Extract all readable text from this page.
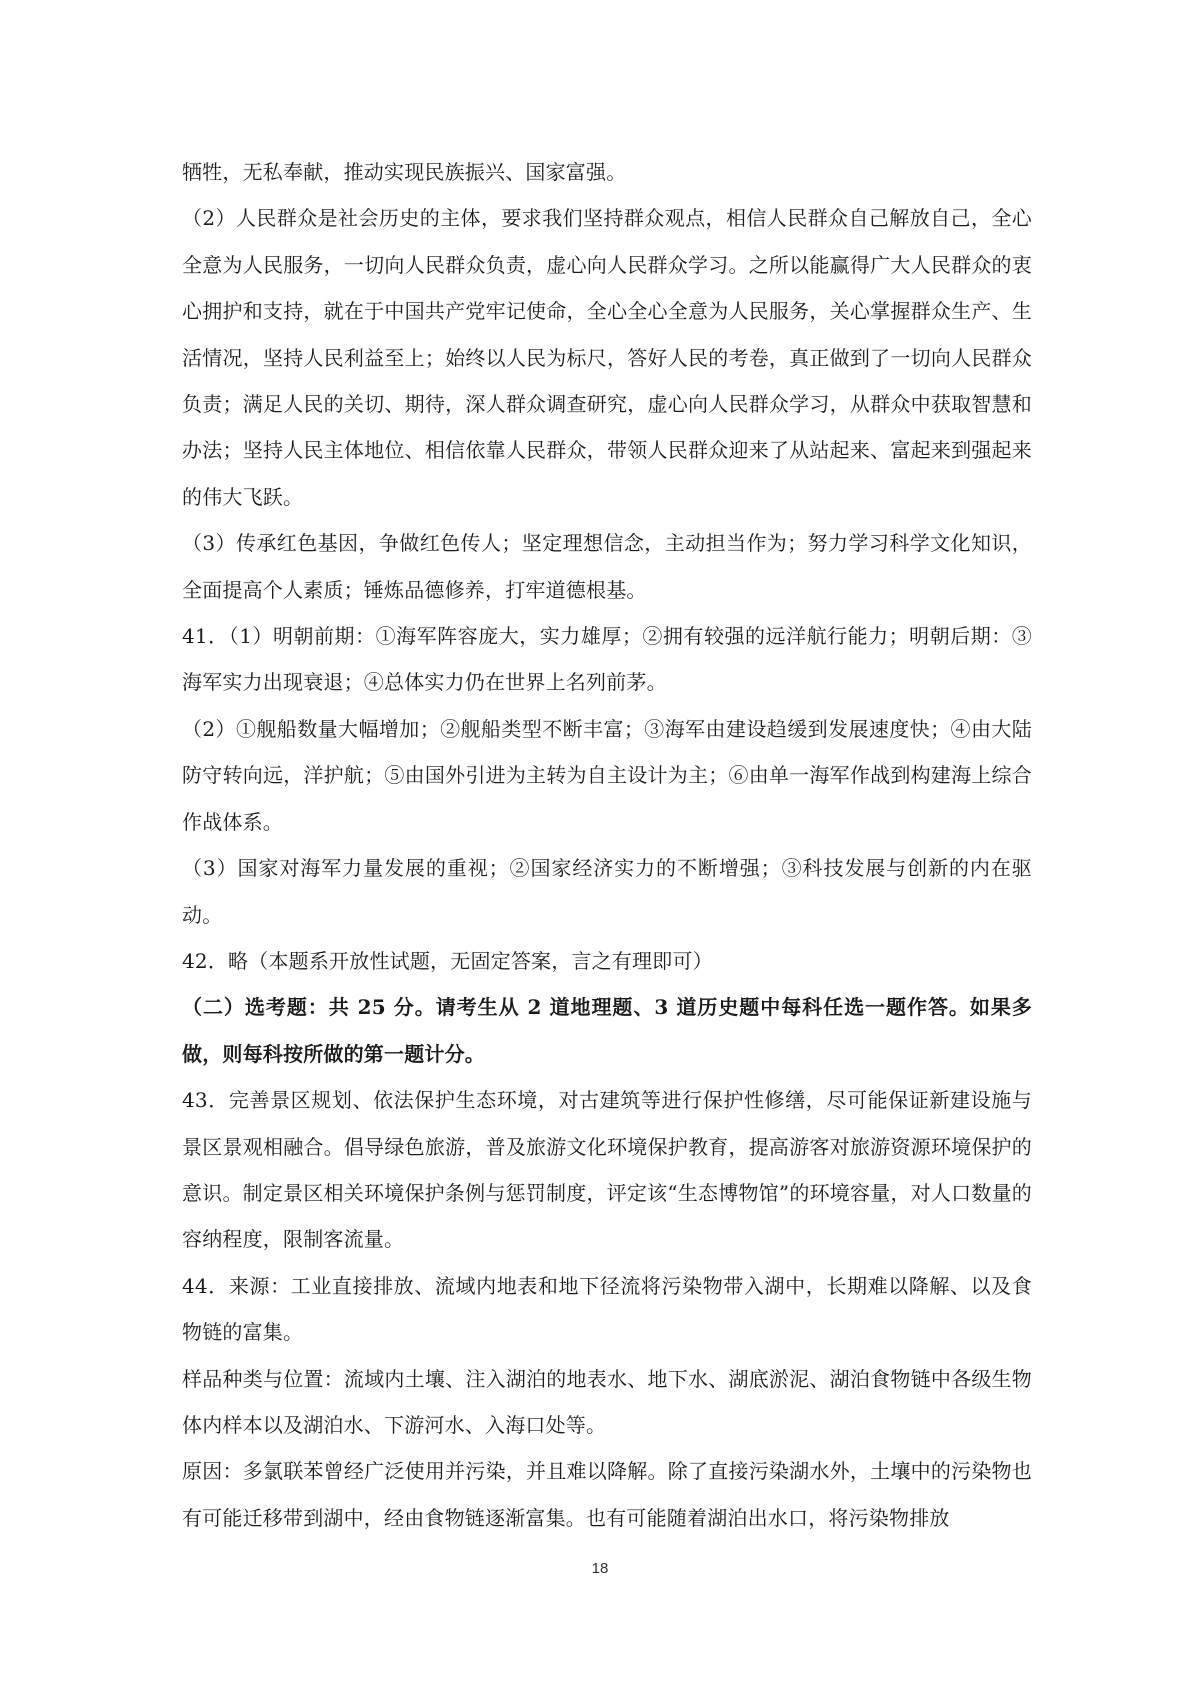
牺牲，无私奉献，推动实现民族振兴、国家富强。

（2）人民群众是社会历史的主体，要求我们坚持群众观点，相信人民群众自己解放自己，全心全意为人民服务，一切向人民群众负责，虚心向人民群众学习。之所以能赢得广大人民群众的衷心拥护和支持，就在于中国共产党牢记使命，全心全心全意为人民服务，关心掌握群众生产、生活情况，坚持人民利益至上；始终以人民为标尺，答好人民的考卷，真正做到了一切向人民群众负责；满足人民的关切、期待，深人群众调查研究，虚心向人民群众学习，从群众中获取智慧和办法；坚持人民主体地位、相信依靠人民群众，带领人民群众迎来了从站起来、富起来到强起来的伟大飞跃。

（3）传承红色基因，争做红色传人；坚定理想信念，主动担当作为；努力学习科学文化知识，全面提高个人素质；锤炼品德修养，打牢道德根基。

41．（1）明朝前期：①海军阵容庞大，实力雄厚；②拥有较强的远洋航行能力；明朝后期：③海军实力出现衰退；④总体实力仍在世界上名列前茅。

（2）①舰船数量大幅增加；②舰船类型不断丰富；③海军由建设趋缓到发展速度快；④由大陆防守转向远，洋护航；⑤由国外引进为主转为自主设计为主；⑥由单一海军作战到构建海上综合作战体系。

（3）国家对海军力量发展的重视；②国家经济实力的不断增强；③科技发展与创新的内在驱动。

42．略（本题系开放性试题，无固定答案，言之有理即可）

（二）选考题：共 25 分。请考生从 2 道地理题、3 道历史题中每科任选一题作答。如果多做，则每科按所做的第一题计分。

43．完善景区规划、依法保护生态环境，对古建筑等进行保护性修缮，尽可能保证新建设施与景区景观相融合。倡导绿色旅游，普及旅游文化环境保护教育，提高游客对旅游资源环境保护的意识。制定景区相关环境保护条例与惩罚制度，评定该“生态博物馆”的环境容量，对人口数量的容纳程度，限制客流量。

44．来源：工业直接排放、流域内地表和地下径流将污染物带入湖中，长期难以降解、以及食物链的富集。

样品种类与位置：流域内土壤、注入湖泊的地表水、地下水、湖底淤泥、湖泊食物链中各级生物体内样本以及湖泊水、下游河水、入海口处等。

原因：多氯联苯曾经广泛使用并污染，并且难以降解。除了直接污染湖水外，土壤中的污染物也有可能迁移带到湖中，经由食物链逐渐富集。也有可能随着湖泊出水口，将污染物排放

18
